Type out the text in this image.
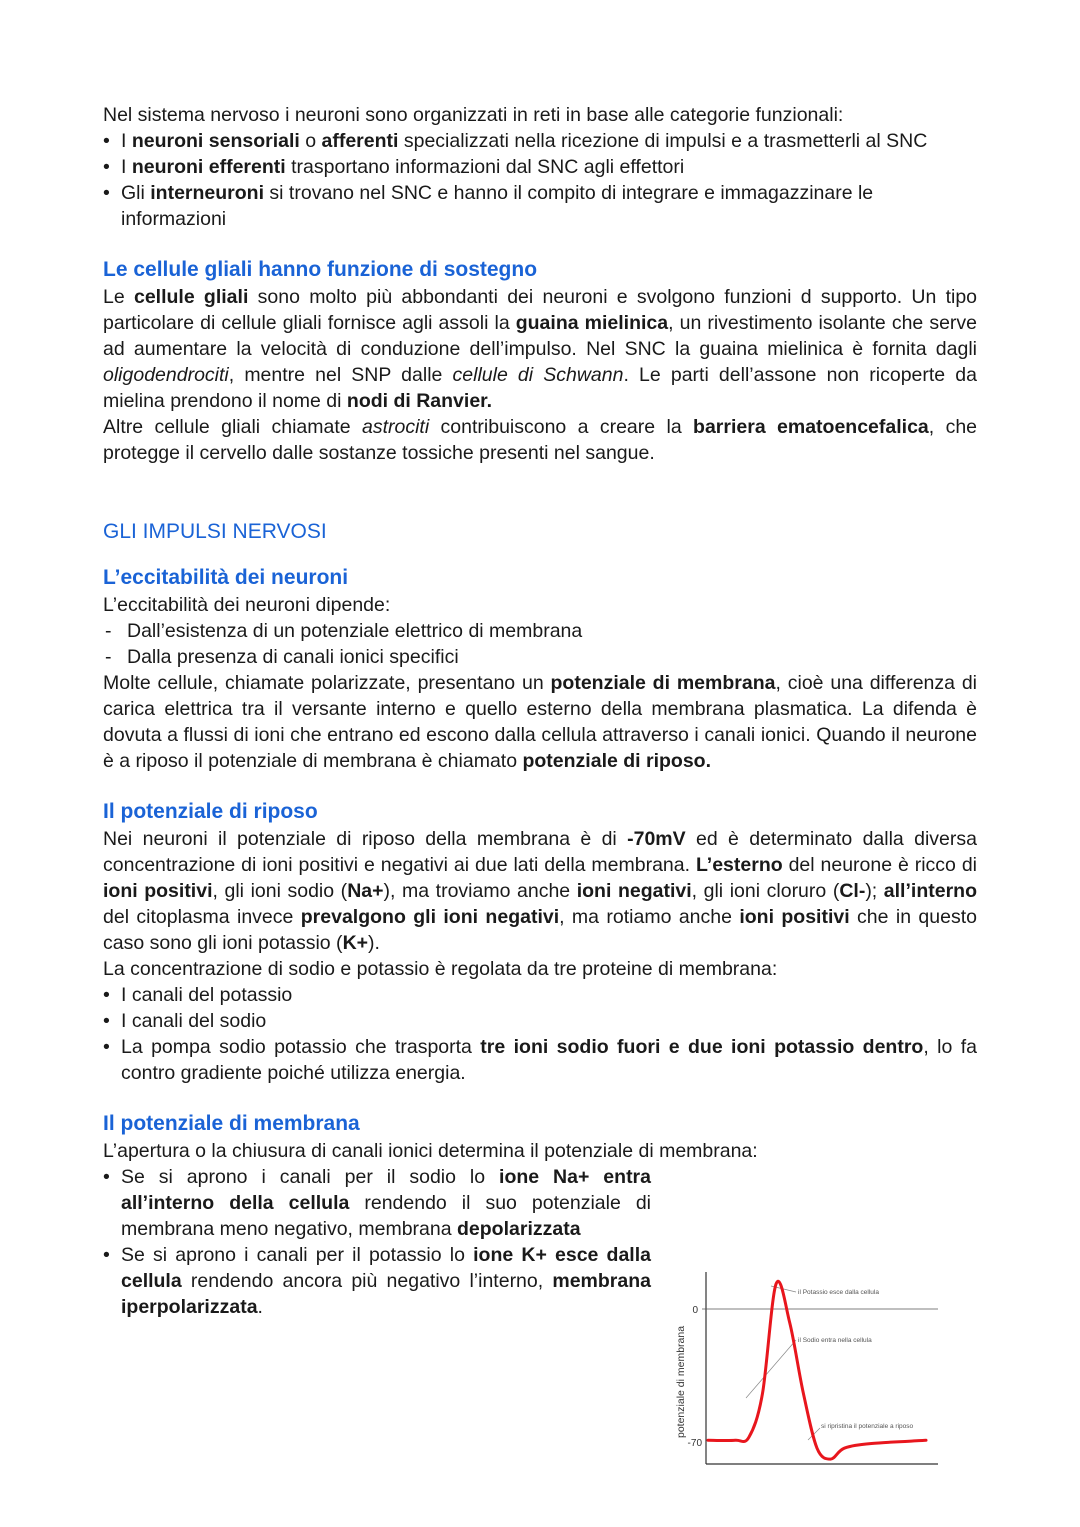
Nel sistema nervoso i neuroni sono organizzati in reti in base alle categorie funzionali:

• I neuroni sensoriali o afferenti specializzati nella ricezione di impulsi e a trasmetterli al SNC
• I neuroni efferenti trasportano informazioni dal SNC agli effettori
• Gli interneuroni si trovano nel SNC e hanno il compito di integrare e immagazzinare le informazioni

Le cellule gliali hanno funzione di sostegno

Le cellule gliali sono molto più abbondanti dei neuroni e svolgono funzioni d supporto. Un tipo particolare di cellule gliali fornisce agli assoli la guaina mielinica, un rivestimento isolante che serve ad aumentare la velocità di conduzione dell’impulso. Nel SNC la guaina mielinica è fornita dagli oligodendrociti, mentre nel SNP dalle cellule di Schwann. Le parti dell’assone non ricoperte da mielina prendono il nome di nodi di Ranvier.

Altre cellule gliali chiamate astrociti contribuiscono a creare la barriera ematoencefalica, che protegge il cervello dalle sostanze tossiche presenti nel sangue.

GLI IMPULSI NERVOSI

L’eccitabilità dei neuroni

L’eccitabilità dei neuroni dipende:

- Dall’esistenza di un potenziale elettrico di membrana
- Dalla presenza di canali ionici specifici

Molte cellule, chiamate polarizzate, presentano un potenziale di membrana, cioè una differenza di carica elettrica tra il versante interno e quello esterno della membrana plasmatica. La difenda è dovuta a flussi di ioni che entrano ed escono dalla cellula attraverso i canali ionici. Quando il neurone è a riposo il potenziale di membrana è chiamato potenziale di riposo.

Il potenziale di riposo

Nei neuroni il potenziale di riposo della membrana è di -70mV ed è determinato dalla diversa concentrazione di ioni positivi e negativi ai due lati della membrana. L’esterno del neurone è ricco di ioni positivi, gli ioni sodio (Na+), ma troviamo anche ioni negativi, gli ioni cloruro (Cl-); all’interno del citoplasma invece prevalgono gli ioni negativi, ma rotiamo anche ioni positivi che in questo caso sono gli ioni potassio (K+).

La concentrazione di sodio e potassio è regolata da tre proteine di membrana:

• I canali del potassio
• I canali del sodio
• La pompa sodio potassio che trasporta tre ioni sodio fuori e due ioni potassio dentro, lo fa contro gradiente poiché utilizza energia.

Il potenziale di membrana

L’apertura o la chiusura di canali ionici determina il potenziale di membrana:

• Se si aprono i canali per il sodio lo ione Na+ entra all’interno della cellula rendendo il suo potenziale di membrana meno negativo, membrana depolarizzata
• Se si aprono i canali per il potassio lo ione K+ esce dalla cellula rendendo ancora più negativo l’interno, membrana iperpolarizzata.	0
-70
potenziale di membrana
il Potassio esce dalla cellula
il Sodio entra nella cellula
si ripristina il potenziale a riposo
